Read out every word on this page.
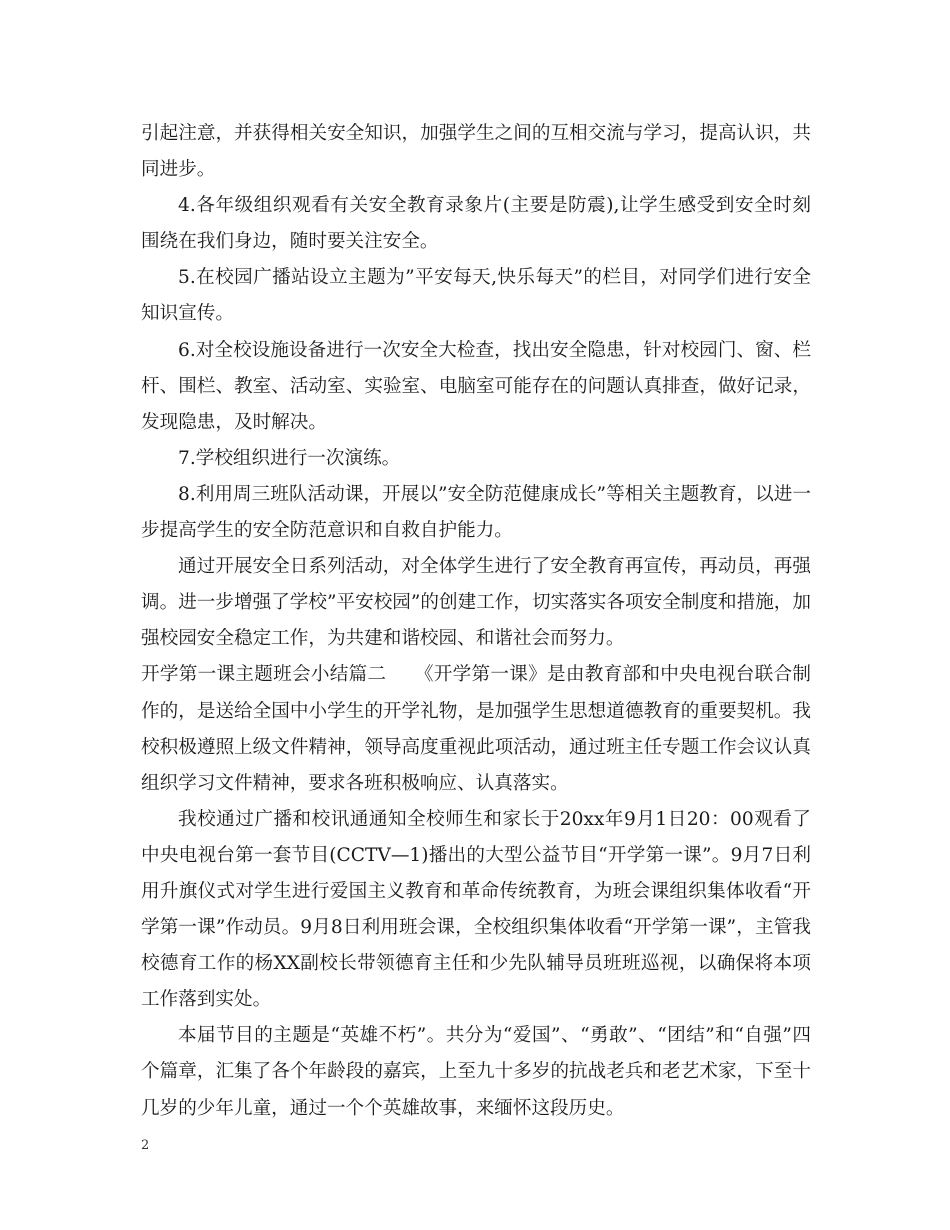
引起注意，并获得相关安全知识，加强学生之间的互相交流与学习，提高认识，共同进步。

4.各年级组织观看有关安全教育录象片(主要是防震),让学生感受到安全时刻围绕在我们身边，随时要关注安全。

5.在校园广播站设立主题为”平安每天,快乐每天”的栏目，对同学们进行安全知识宣传。

6.对全校设施设备进行一次安全大检查，找出安全隐患，针对校园门、窗、栏杆、围栏、教室、活动室、实验室、电脑室可能存在的问题认真排查，做好记录，发现隐患，及时解决。

7.学校组织进行一次演练。

8.利用周三班队活动课，开展以”安全防范健康成长”等相关主题教育，以进一步提高学生的安全防范意识和自救自护能力。

通过开展安全日系列活动，对全体学生进行了安全教育再宣传，再动员，再强调。进一步增强了学校”平安校园”的创建工作，切实落实各项安全制度和措施，加强校园安全稳定工作，为共建和谐校园、和谐社会而努力。

开学第一课主题班会小结篇二　　《开学第一课》是由教育部和中央电视台联合制作的，是送给全国中小学生的开学礼物，是加强学生思想道德教育的重要契机。我校积极遵照上级文件精神，领导高度重视此项活动，通过班主任专题工作会议认真组织学习文件精神，要求各班积极响应、认真落实。

我校通过广播和校讯通通知全校师生和家长于20xx年9月1日20：00观看了中央电视台第一套节目(CCTV—1)播出的大型公益节目“开学第一课”。9月7日利用升旗仪式对学生进行爱国主义教育和革命传统教育，为班会课组织集体收看“开学第一课”作动员。9月8日利用班会课，全校组织集体收看“开学第一课”，主管我校德育工作的杨XX副校长带领德育主任和少先队辅导员班班巡视，以确保将本项工作落到实处。

本届节目的主题是“英雄不朽”。共分为“爱国”、“勇敢”、“团结”和“自强”四个篇章，汇集了各个年龄段的嘉宾，上至九十多岁的抗战老兵和老艺术家，下至十几岁的少年儿童，通过一个个英雄故事，来缅怀这段历史。

2
